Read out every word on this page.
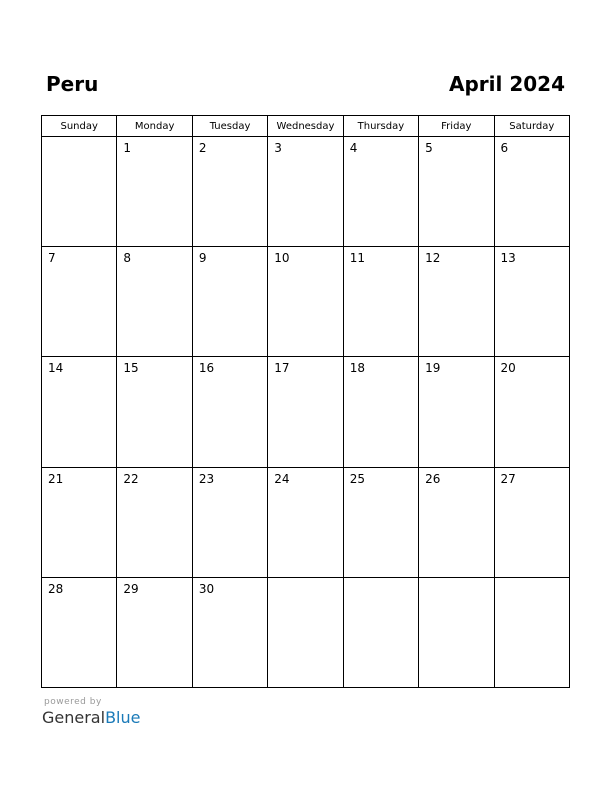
Peru	April 2024
Sunday	Monday	Tuesday	Wednesday	Thursday	Friday	Saturday

	1	2	3	4	5	6

7	8	9	10	11	12	13

14	15	16	17	18	19	20

21	22	23	24	25	26	27

28	29	30				

powered by
GeneralBlue
